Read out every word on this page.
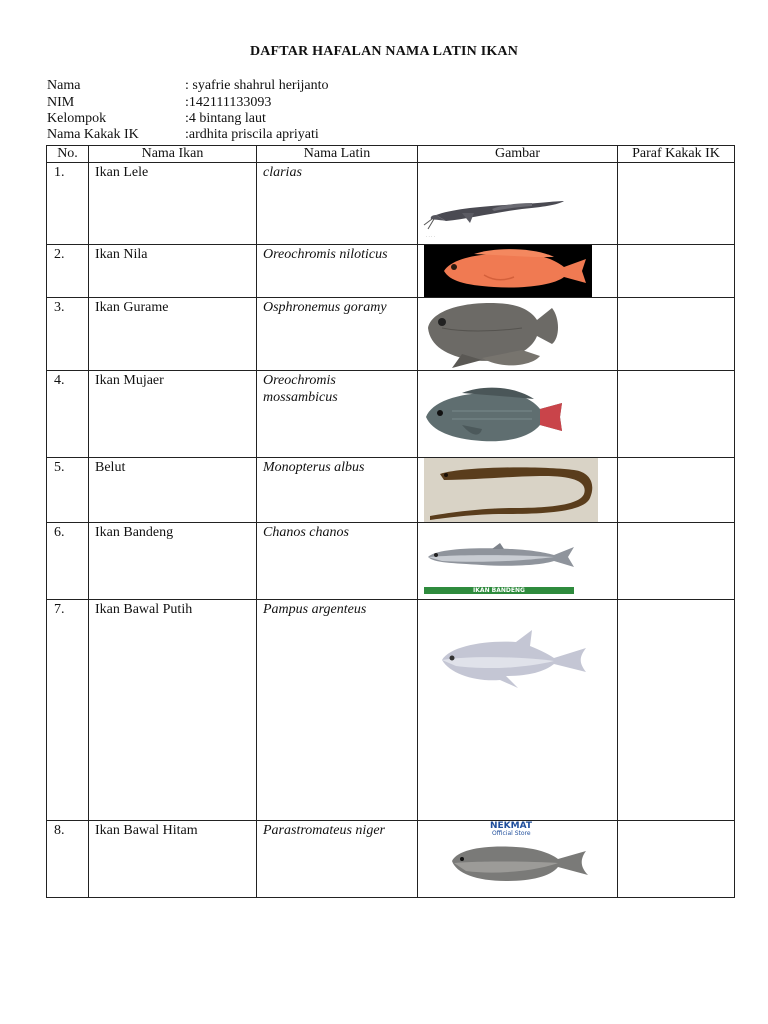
DAFTAR HAFALAN NAMA LATIN IKAN
Nama	: syafrie shahrul herijanto
NIM	:142111133093
Kelompok	:4 bintang laut
Nama Kakak IK	:ardhita priscila apriyati
No.	Nama Ikan	Nama Latin	Gambar	Paraf Kakak IK
1.	Ikan Lele	clarias	. . . .	

2.	Ikan Nila	Oreochromis niloticus	

3.	Ikan Gurame	Osphronemus goramy	

4.	Ikan Mujaer	Oreochromis mossambicus	

5.	Belut	Monopterus albus	

6.	Ikan Bandeng	Chanos chanos	IKAN BANDENG	

7.	Ikan Bawal Putih	Pampus argenteus	

8.	Ikan Bawal Hitam	Parastromateus niger	NEKMAT
Official Store	
